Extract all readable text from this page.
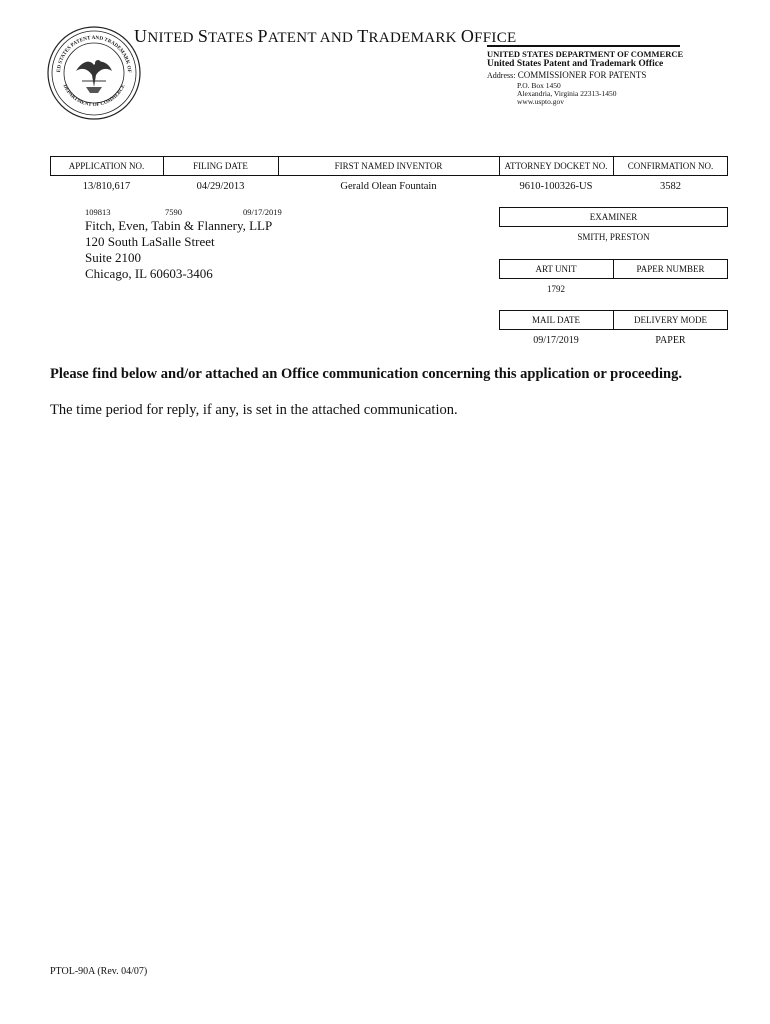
ED STATES PATENT AND TRADEMARK OF
DEPARTMENT OF COMMERCE
UNITED STATES PATENT AND TRADEMARK OFFICE
UNITED STATES DEPARTMENT OF COMMERCE
United States Patent and Trademark Office
Address: COMMISSIONER FOR PATENTS
P.O. Box 1450
Alexandria, Virginia 22313-1450
www.uspto.gov
APPLICATION NO.	FILING DATE	FIRST NAMED INVENTOR	ATTORNEY DOCKET NO.	CONFIRMATION NO.
13/810,617	04/29/2013	Gerald Olean Fountain	9610-100326-US	3582
109813	7590	09/17/2019
Fitch, Even, Tabin & Flannery, LLP
120 South LaSalle Street
Suite 2100
Chicago, IL 60603-3406
EXAMINER
SMITH, PRESTON
ART UNIT	PAPER NUMBER
1792
MAIL DATE	DELIVERY MODE
09/17/2019	PAPER
Please find below and/or attached an Office communication concerning this application or proceeding.
The time period for reply, if any, is set in the attached communication.
PTOL-90A (Rev. 04/07)
